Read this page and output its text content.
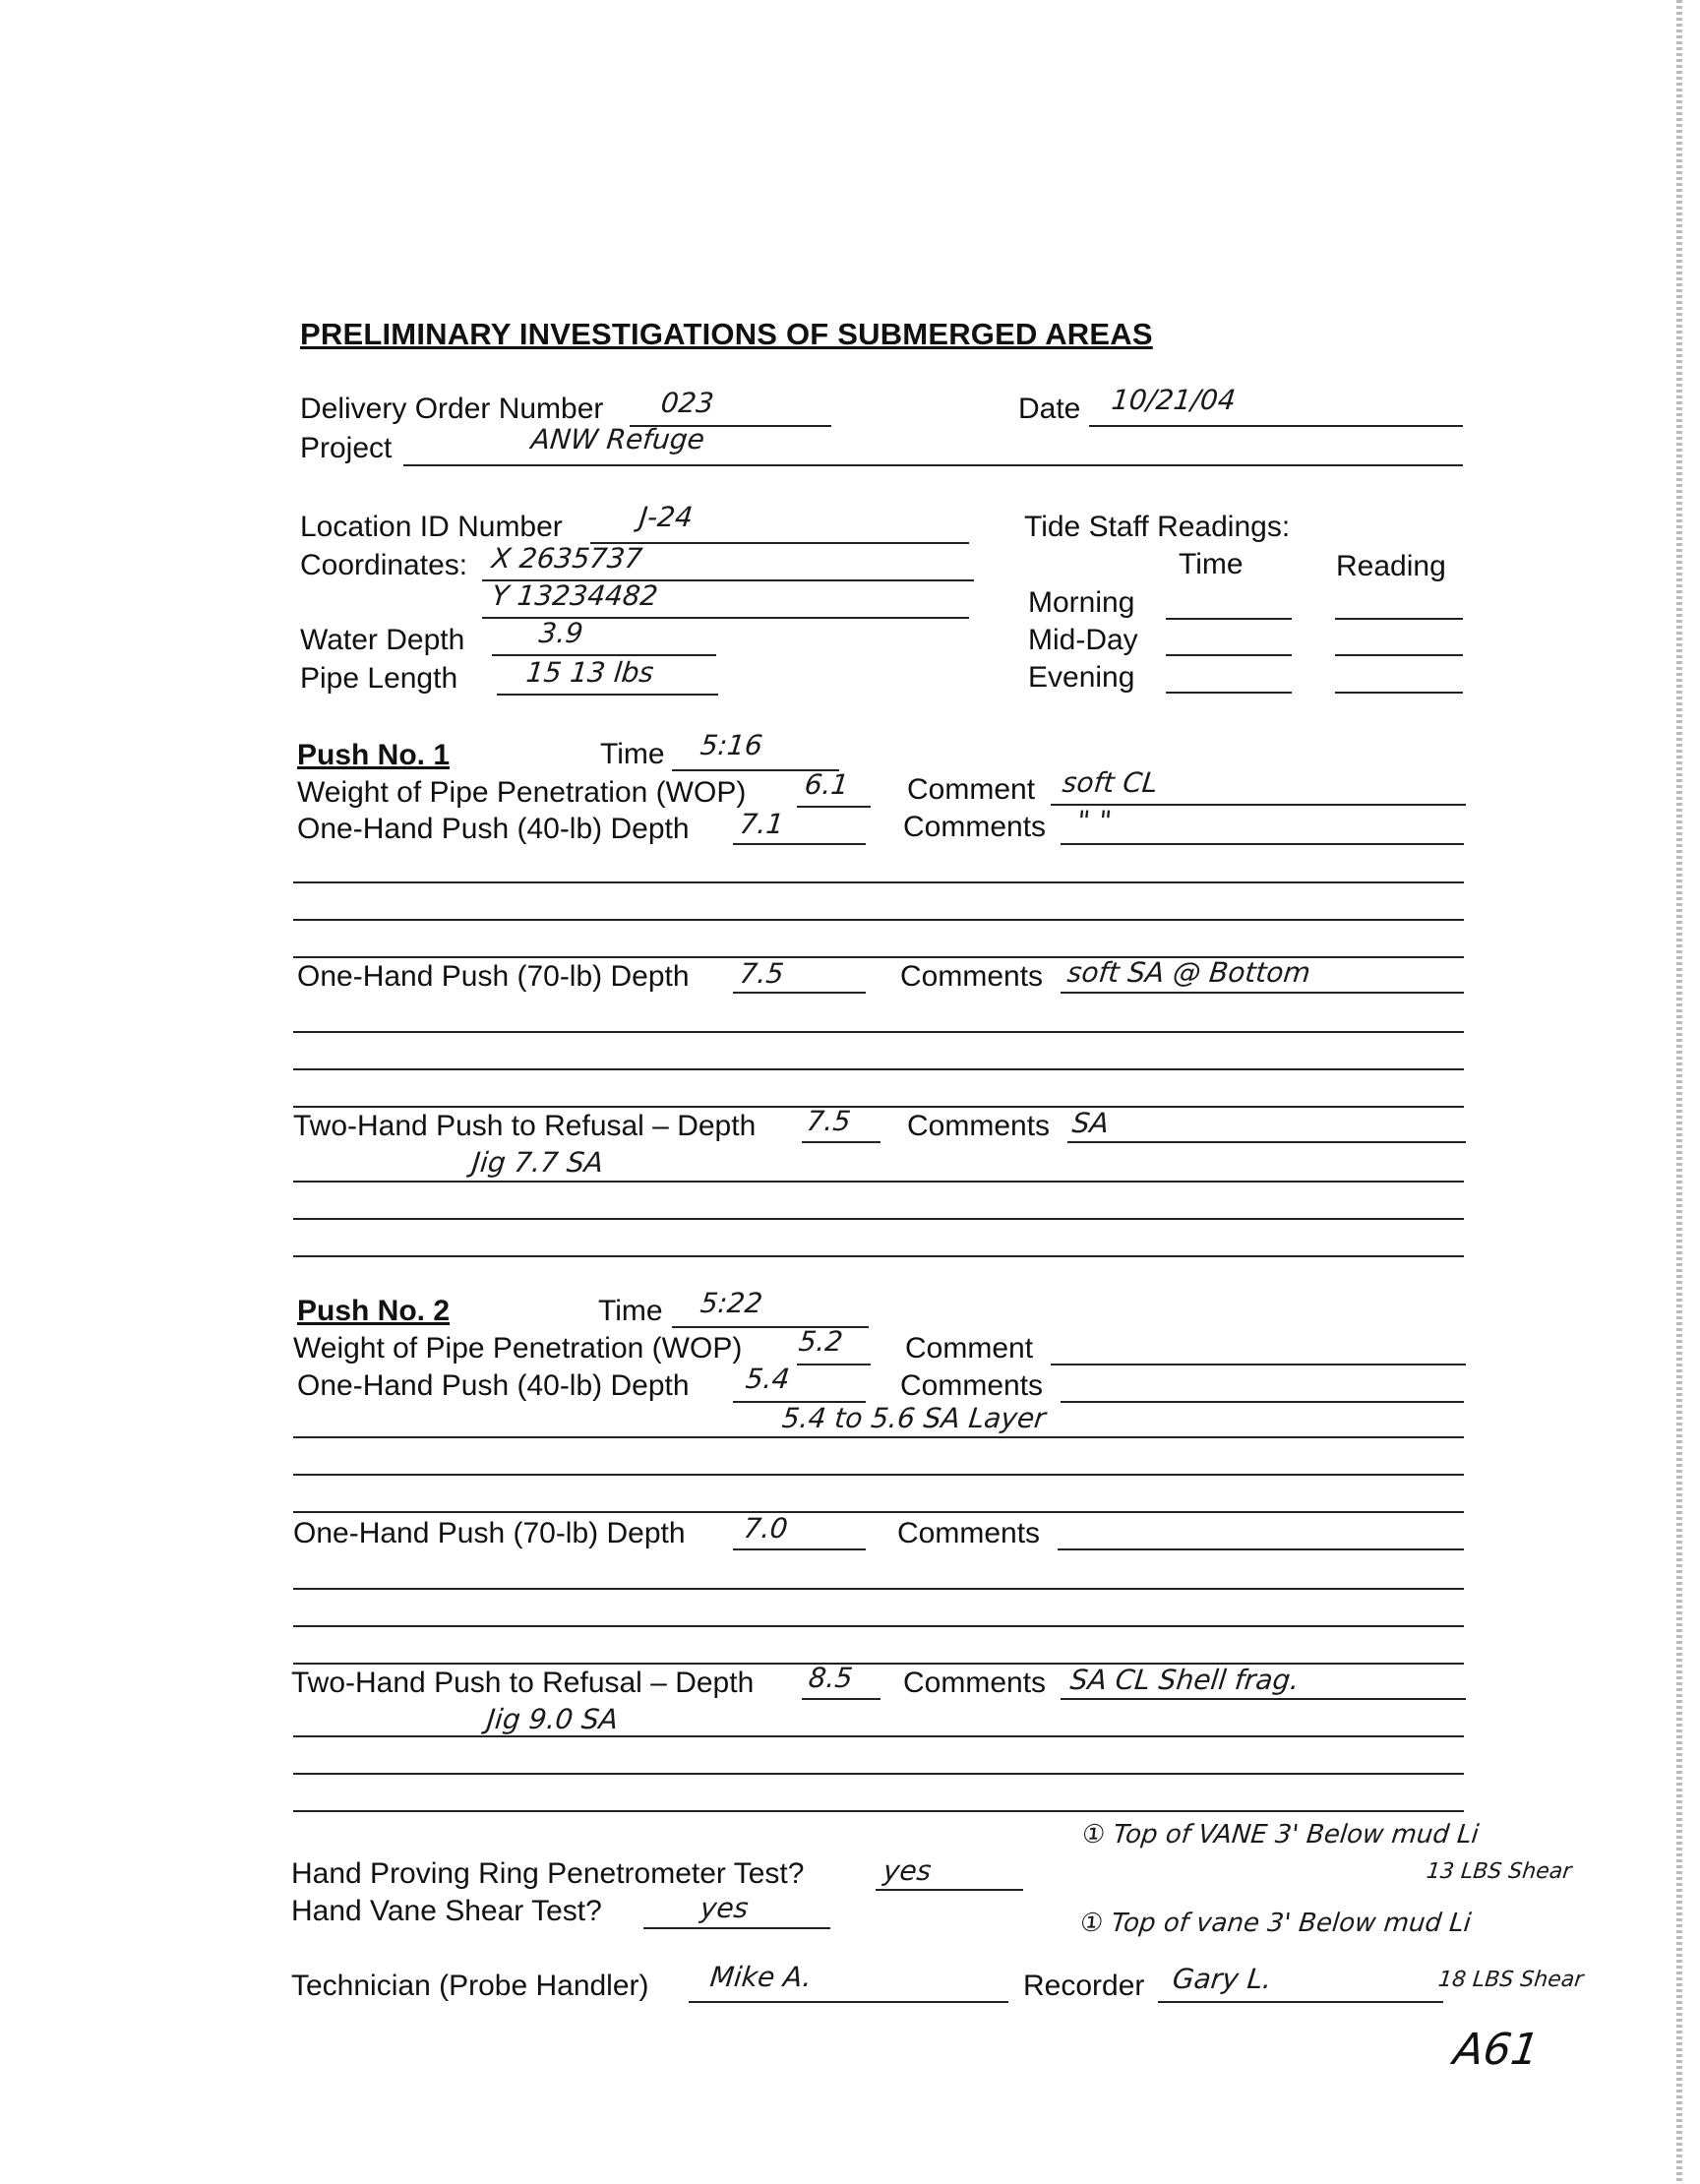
PRELIMINARY INVESTIGATIONS OF SUBMERGED AREAS
Delivery Order Number 023	Date 10/21/04
Project	ANW Refuge
Location ID Number	J-24
Coordinates: X 2635737
Y 13234482
Water Depth	3.9
Pipe Length 15 13 lbs
Tide Staff Readings:
Time	Reading
Morning
Mid-Day
Evening
Push No. 1	Time 5:16
Weight of Pipe Penetration (WOP) 6.1 Comment soft CL
One-Hand Push (40-lb) Depth 7.1	Comments " "
One-Hand Push (70-lb) Depth 7.5	Comments soft SA @ Bottom
Two-Hand Push to Refusal – Depth 7.5 Comments SA
Jig 7.7 SA
Push No. 2	Time 5:22
Weight of Pipe Penetration (WOP) 5.2 Comment
One-Hand Push (40-lb) Depth 5.4	Comments
5.4 to 5.6 SA Layer
One-Hand Push (70-lb) Depth 7.0	Comments
Two-Hand Push to Refusal – Depth 8.5 Comments SA CL Shell frag.
Jig 9.0 SA
① Top of VANE 3' Below mud Li
13 LBS Shear
Hand Proving Ring Penetrometer Test?	yes
Hand Vane Shear Test?	yes	① Top of vane 3' Below mud Li
18 LBS Shear
Technician (Probe Handler) Mike A.	Recorder Gary L.
A61
